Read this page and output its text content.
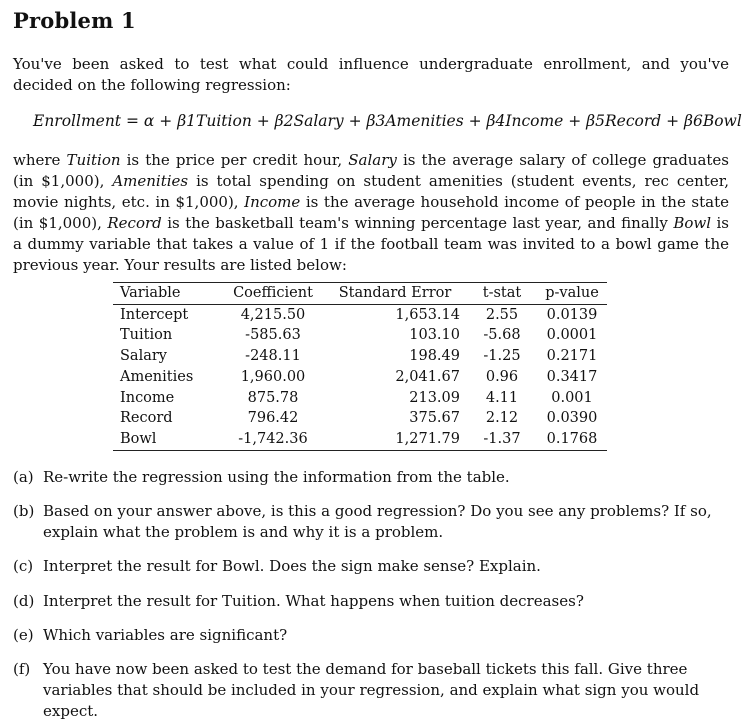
Problem 1

You've been asked to test what could influence undergraduate enrollment, and you've decided on the following regression:

Enrollment = α + β1Tuition + β2Salary + β3Amenities + β4Income + β5Record + β6Bowl

where Tuition is the price per credit hour, Salary is the average salary of college graduates (in $1,000), Amenities is total spending on student amenities (student events, rec center, movie nights, etc. in $1,000), Income is the average household income of people in the state (in $1,000), Record is the basketball team's winning percentage last year, and finally Bowl is a dummy variable that takes a value of 1 if the football team was invited to a bowl game the previous year. Your results are listed below:

Variable	Coefficient	Standard Error	t-stat	p-value
Intercept	4,215.50	1,653.14	2.55	0.0139
Tuition	-585.63	103.10	-5.68	0.0001
Salary	-248.11	198.49	-1.25	0.2171
Amenities	1,960.00	2,041.67	0.96	0.3417
Income	875.78	213.09	4.11	0.001
Record	796.42	375.67	2.12	0.0390
Bowl	-1,742.36	1,271.79	-1.37	0.1768
(a) Re-write the regression using the information from the table.
(b) Based on your answer above, is this a good regression? Do you see any problems? If so, explain what the problem is and why it is a problem.
(c) Interpret the result for Bowl. Does the sign make sense? Explain.
(d) Interpret the result for Tuition. What happens when tuition decreases?
(e) Which variables are significant?
(f) You have now been asked to test the demand for baseball tickets this fall. Give three variables that should be included in your regression, and explain what sign you would expect.
